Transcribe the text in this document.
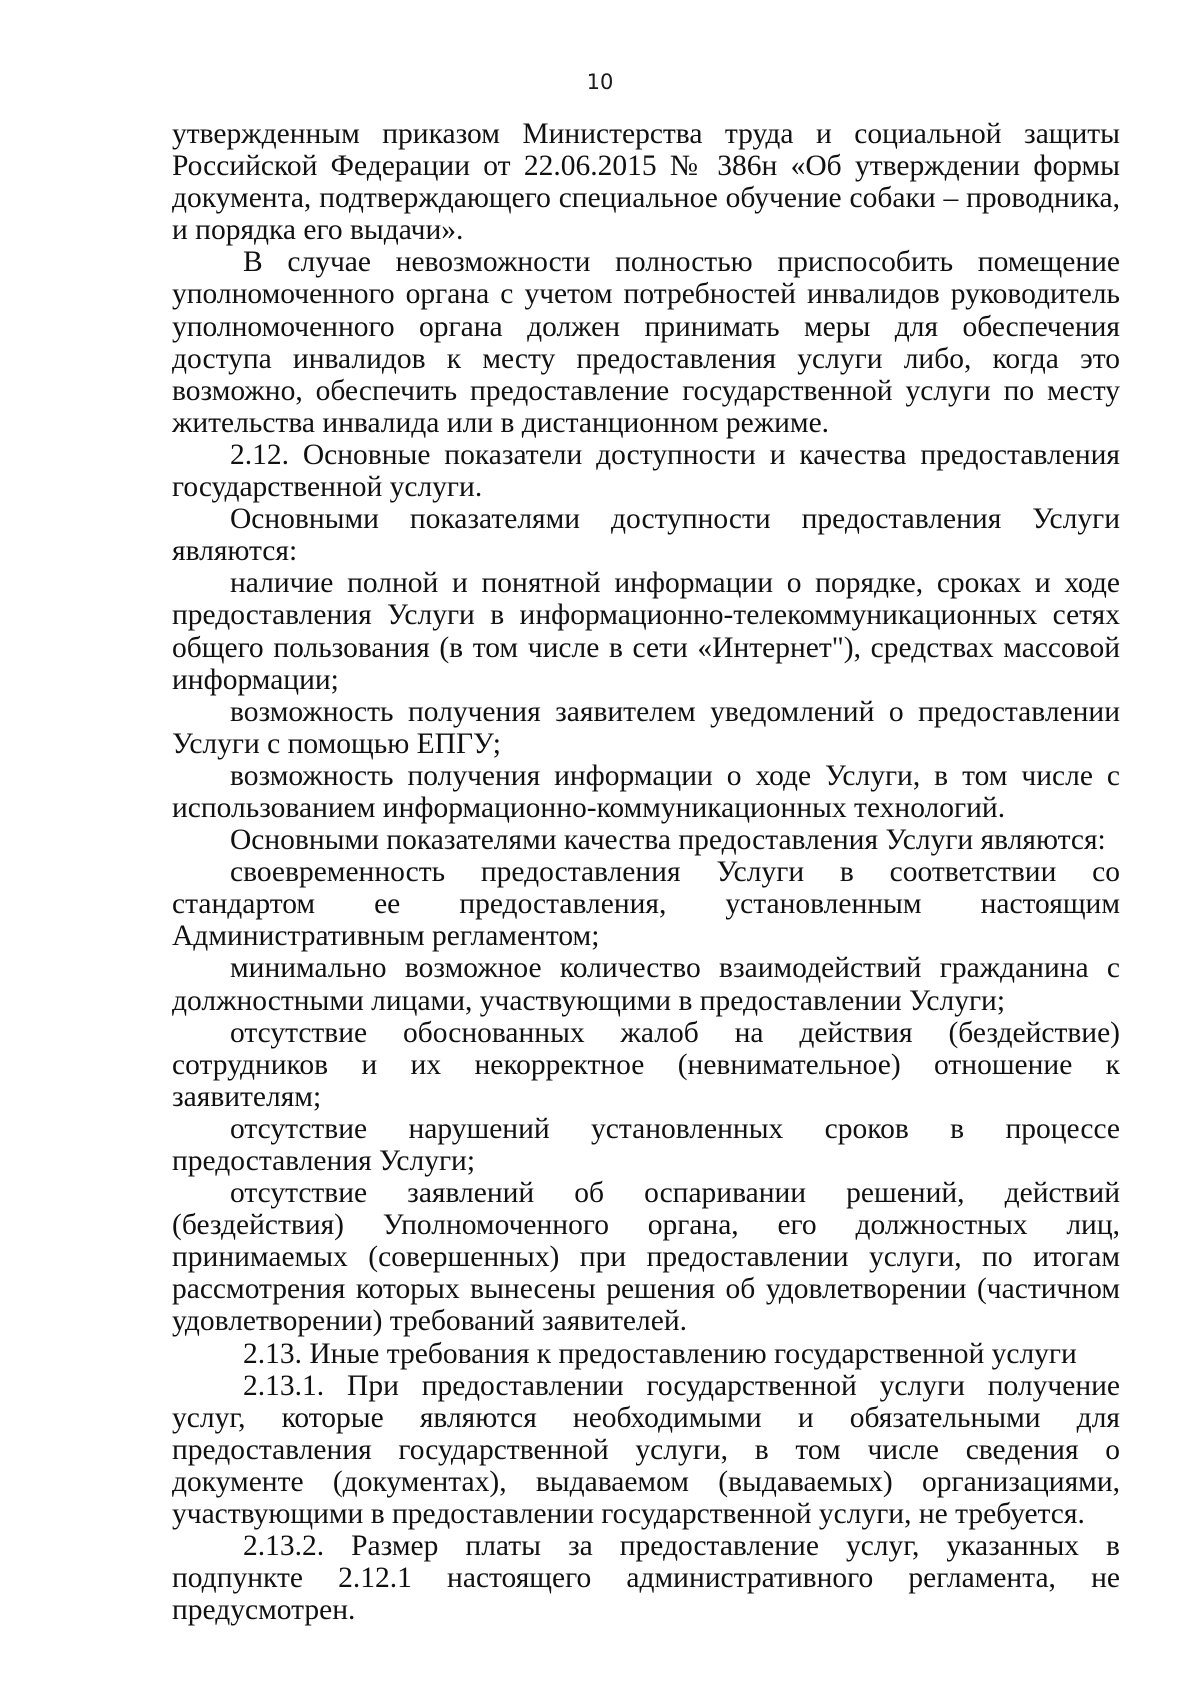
10

утвержденным приказом Министерства труда и социальной защиты Российской Федерации от 22.06.2015 № 386н «Об утверждении формы документа, подтверждающего специальное обучение собаки – проводника, и порядка его выдачи».

В случае невозможности полностью приспособить помещение уполномоченного органа с учетом потребностей инвалидов руководитель уполномоченного органа должен принимать меры для обеспечения доступа инвалидов к месту предоставления услуги либо, когда это возможно, обеспечить предоставление государственной услуги по месту жительства инвалида или в дистанционном режиме.

2.12. Основные показатели доступности и качества предоставления государственной услуги.

Основными показателями доступности предоставления Услуги являются:

наличие полной и понятной информации о порядке, сроках и ходе предоставления Услуги в информационно-телекоммуникационных сетях общего пользования (в том числе в сети «Интернет"), средствах массовой информации;

возможность получения заявителем уведомлений о предоставлении Услуги с помощью ЕПГУ;

возможность получения информации о ходе Услуги, в том числе с использованием информационно-коммуникационных технологий.

Основными показателями качества предоставления Услуги являются:

своевременность предоставления Услуги в соответствии со стандартом ее предоставления, установленным настоящим Административным регламентом;

минимально возможное количество взаимодействий гражданина с должностными лицами, участвующими в предоставлении Услуги;

отсутствие обоснованных жалоб на действия (бездействие) сотрудников и их некорректное (невнимательное) отношение к заявителям;

отсутствие нарушений установленных сроков в процессе предоставления Услуги;

отсутствие заявлений об оспаривании решений, действий (бездействия) Уполномоченного органа, его должностных лиц, принимаемых (совершенных) при предоставлении услуги, по итогам рассмотрения которых вынесены решения об удовлетворении (частичном удовлетворении) требований заявителей.

2.13. Иные требования к предоставлению государственной услуги

2.13.1. При предоставлении государственной услуги получение услуг, которые являются необходимыми и обязательными для предоставления государственной услуги, в том числе сведения о документе (документах), выдаваемом (выдаваемых) организациями, участвующими в предоставлении государственной услуги, не требуется.

2.13.2. Размер платы за предоставление услуг, указанных в подпункте 2.12.1 настоящего административного регламента, не предусмотрен.
